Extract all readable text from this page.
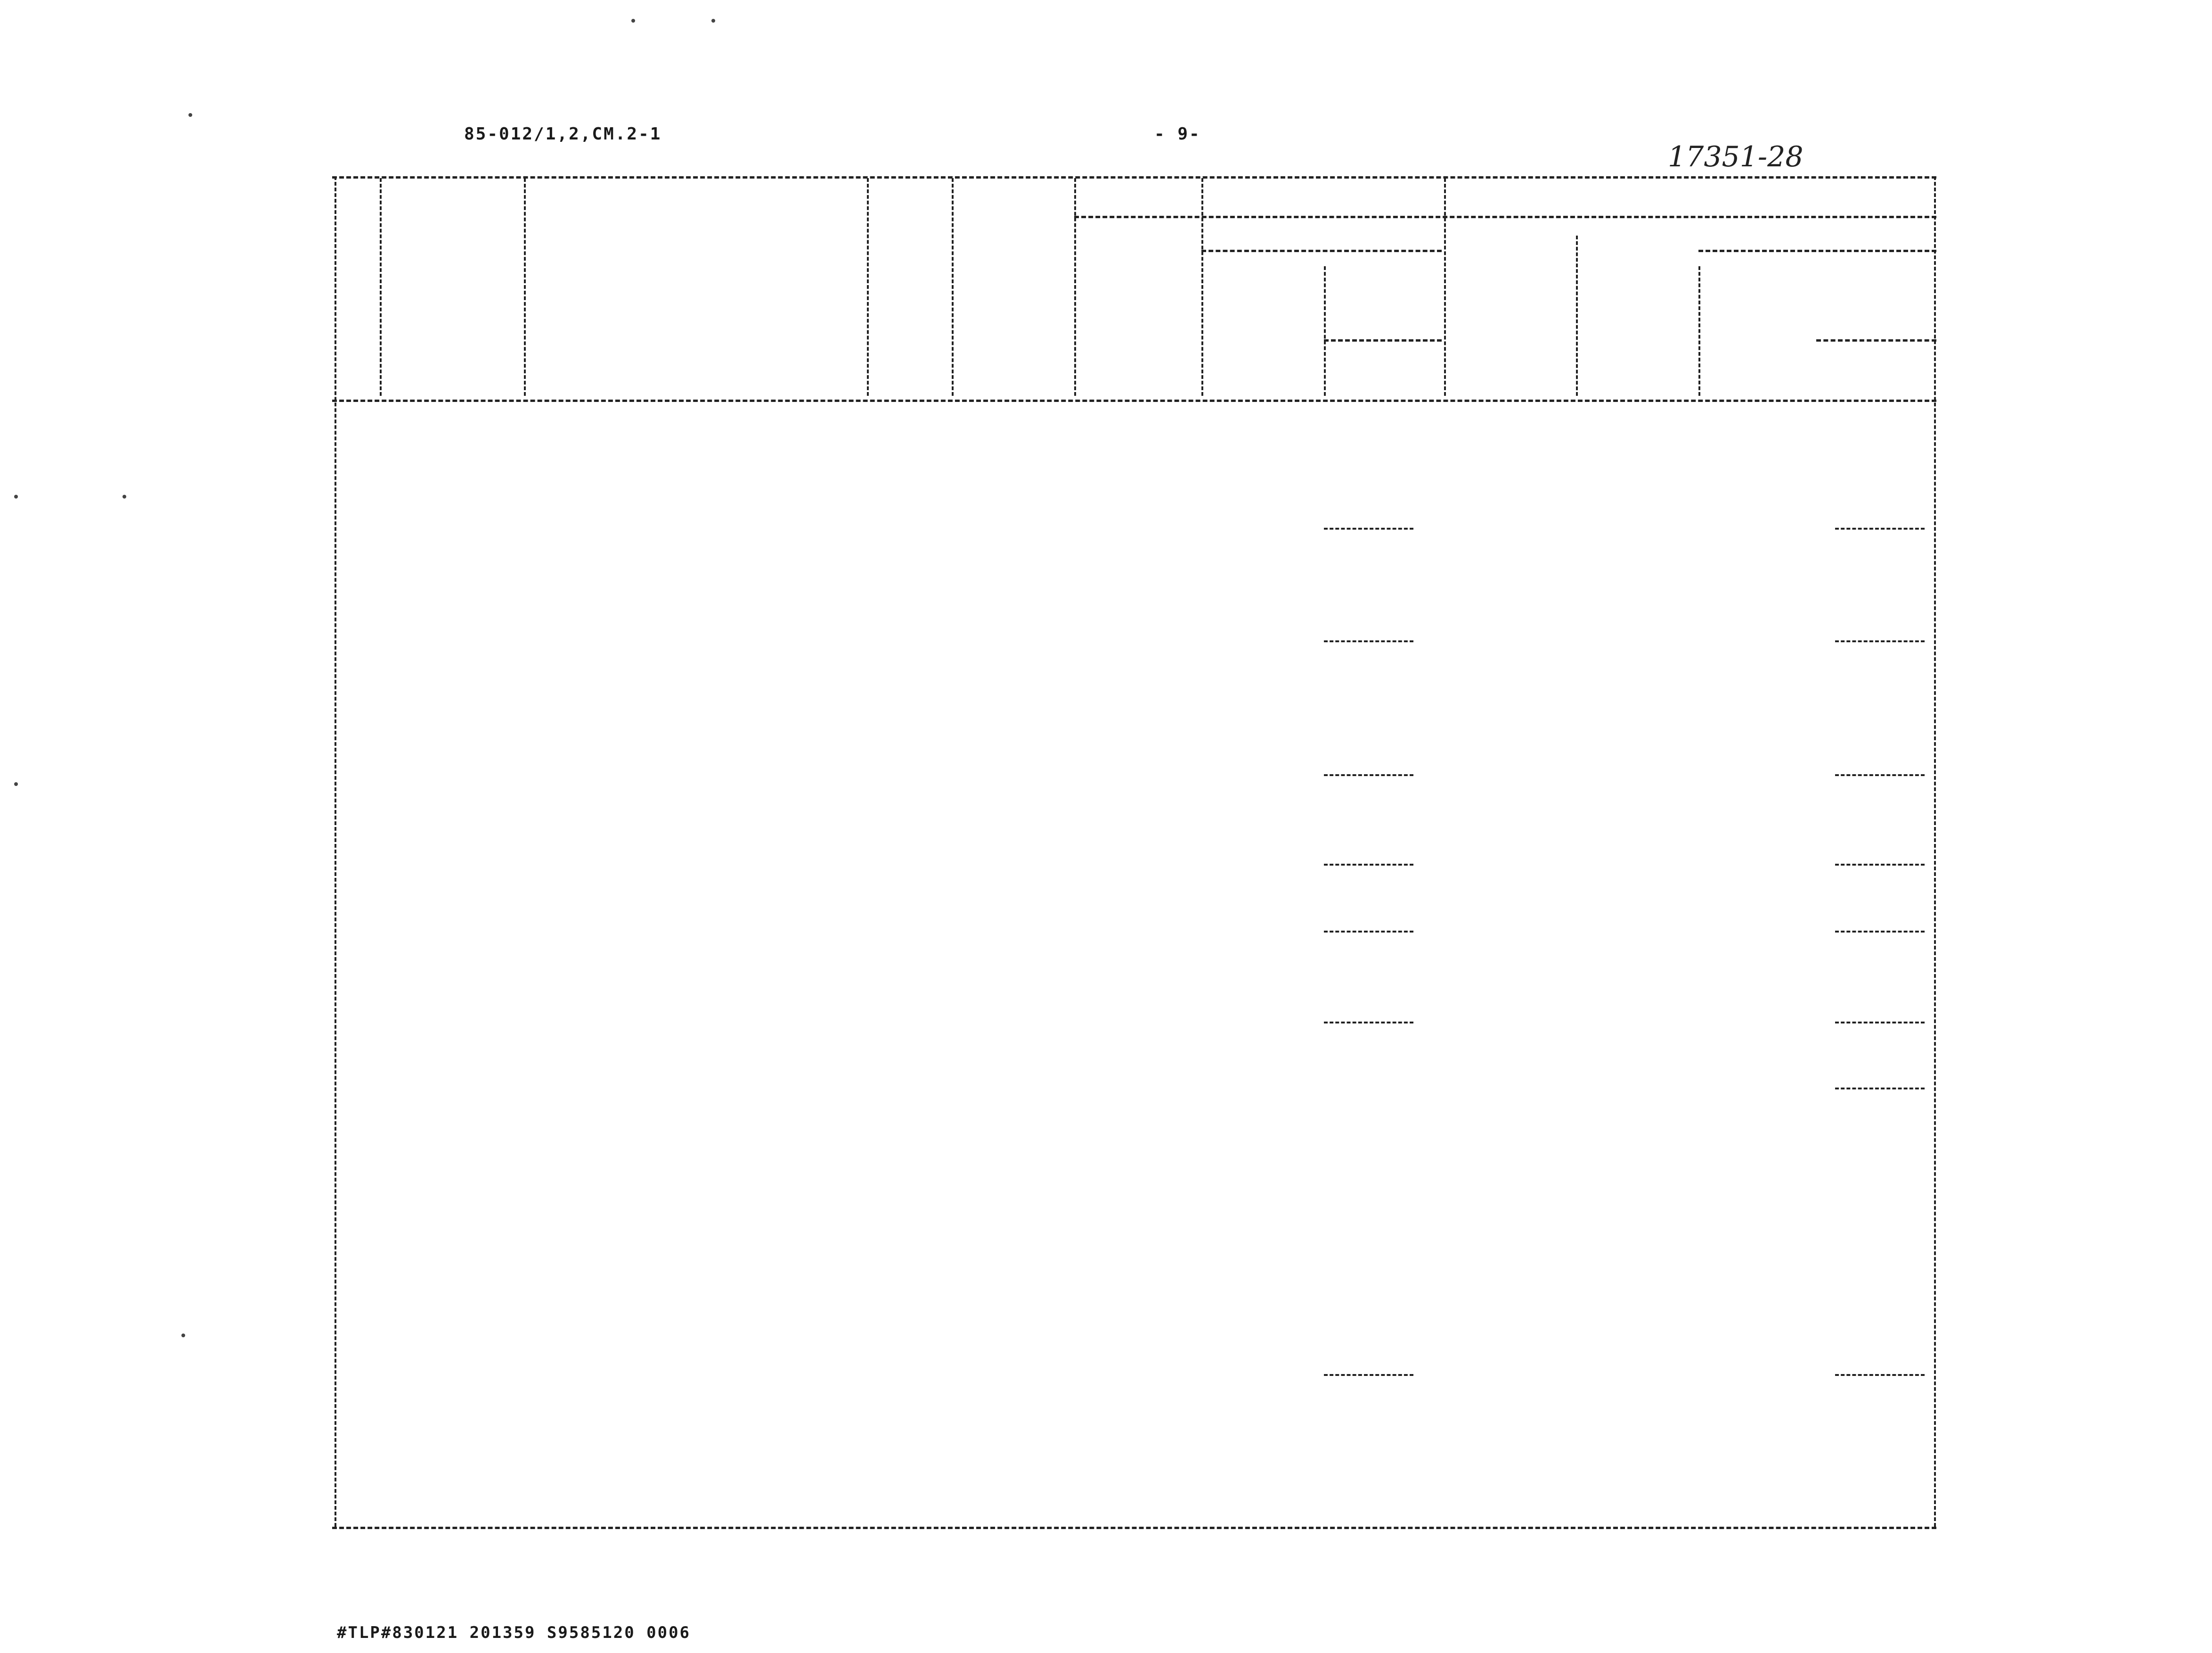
85-012/1,2,СМ.2-1	- 9-
17351-28
#TLP#830121 201359 S9585120 0006
